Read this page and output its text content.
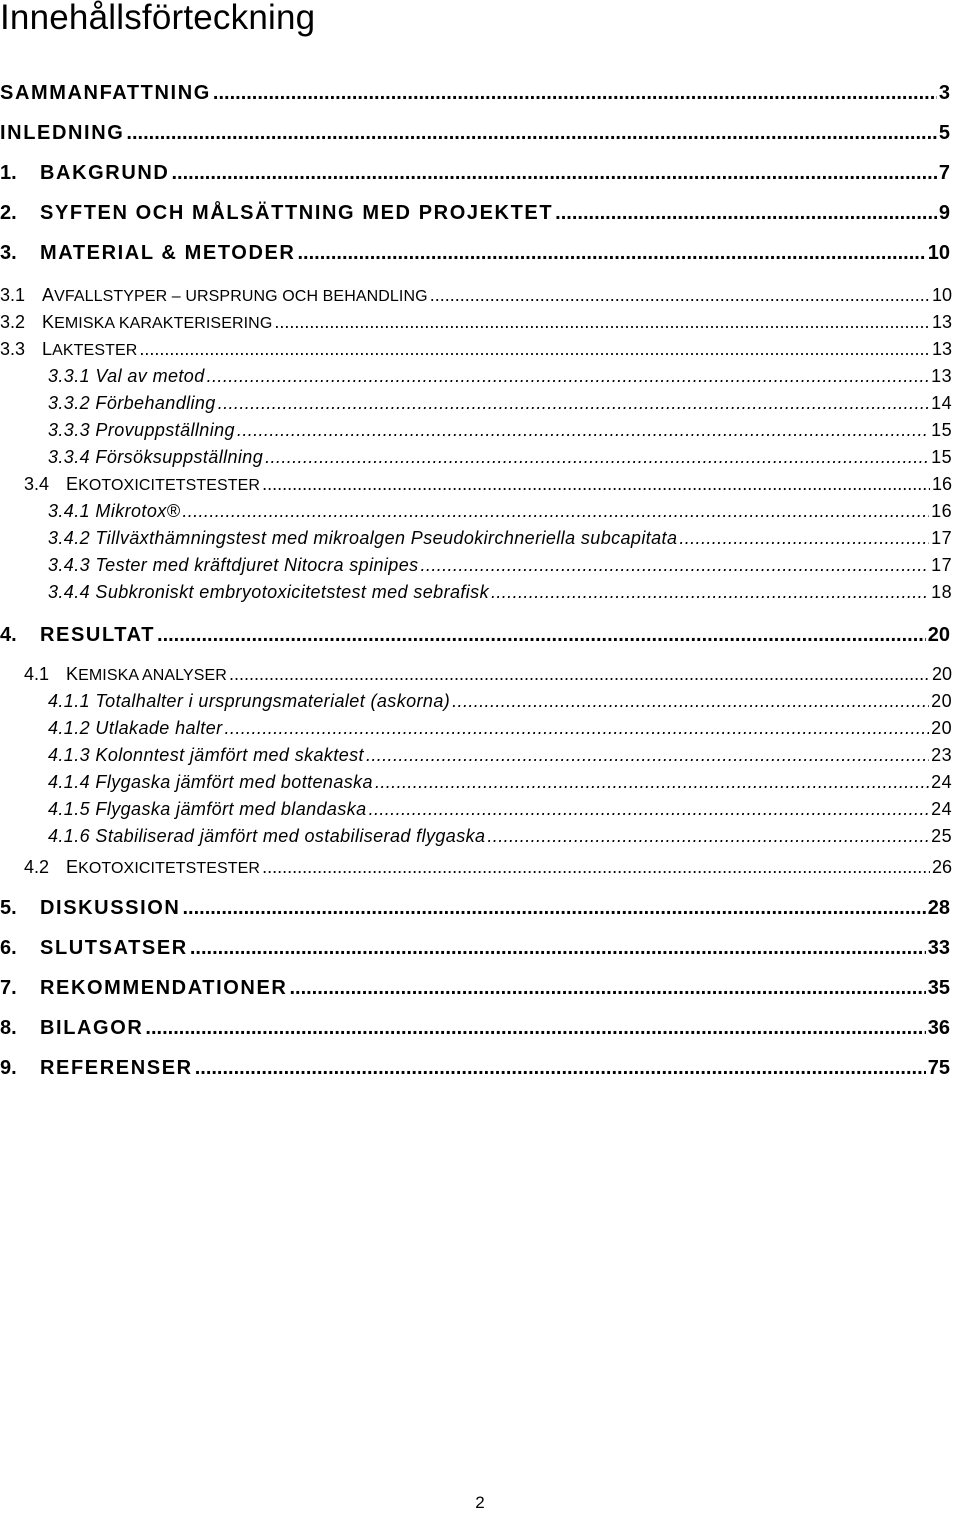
Innehållsförteckning
SAMMANFATTNING .....	3
INLEDNING .....	5
1.	BAKGRUND .....	7
2.	SYFTEN OCH MÅLSÄTTNING MED PROJEKTET .....	9
3.	MATERIAL & METODER .....	10
3.1	AVFALLSTYPER – URSPRUNG OCH BEHANDLING .....	10
3.2	KEMISKA KARAKTERISERING .....	13
3.3	LAKTESTER .....	13
3.3.1 Val av metod .....	13
3.3.2 Förbehandling .....	14
3.3.3 Provuppställning .....	15
3.3.4 Försöksuppställning .....	15
3.4	EKOTOXICITETSTESTER .....	16
3.4.1 Mikrotox® .....	16
3.4.2 Tillväxthämningstest med mikroalgen Pseudokirchneriella subcapitata .....	17
3.4.3 Tester med kräftdjuret Nitocra spinipes .....	17
3.4.4 Subkroniskt embryotoxicitetstest med sebrafisk .....	18
4.	RESULTAT .....	20
4.1	KEMISKA ANALYSER .....	20
4.1.1 Totalhalter i ursprungsmaterialet (askorna) .....	20
4.1.2 Utlakade halter .....	20
4.1.3 Kolonntest jämfört med skaktest .....	23
4.1.4 Flygaska jämfört med bottenaska .....	24
4.1.5 Flygaska jämfört med blandaska .....	24
4.1.6 Stabiliserad jämfört med ostabiliserad flygaska .....	25
4.2	EKOTOXICITETSTESTER .....	26
5.	DISKUSSION .....	28
6.	SLUTSATSER .....	33
7.	REKOMMENDATIONER .....	35
8.	BILAGOR .....	36
9.	REFERENSER .....	75
2
